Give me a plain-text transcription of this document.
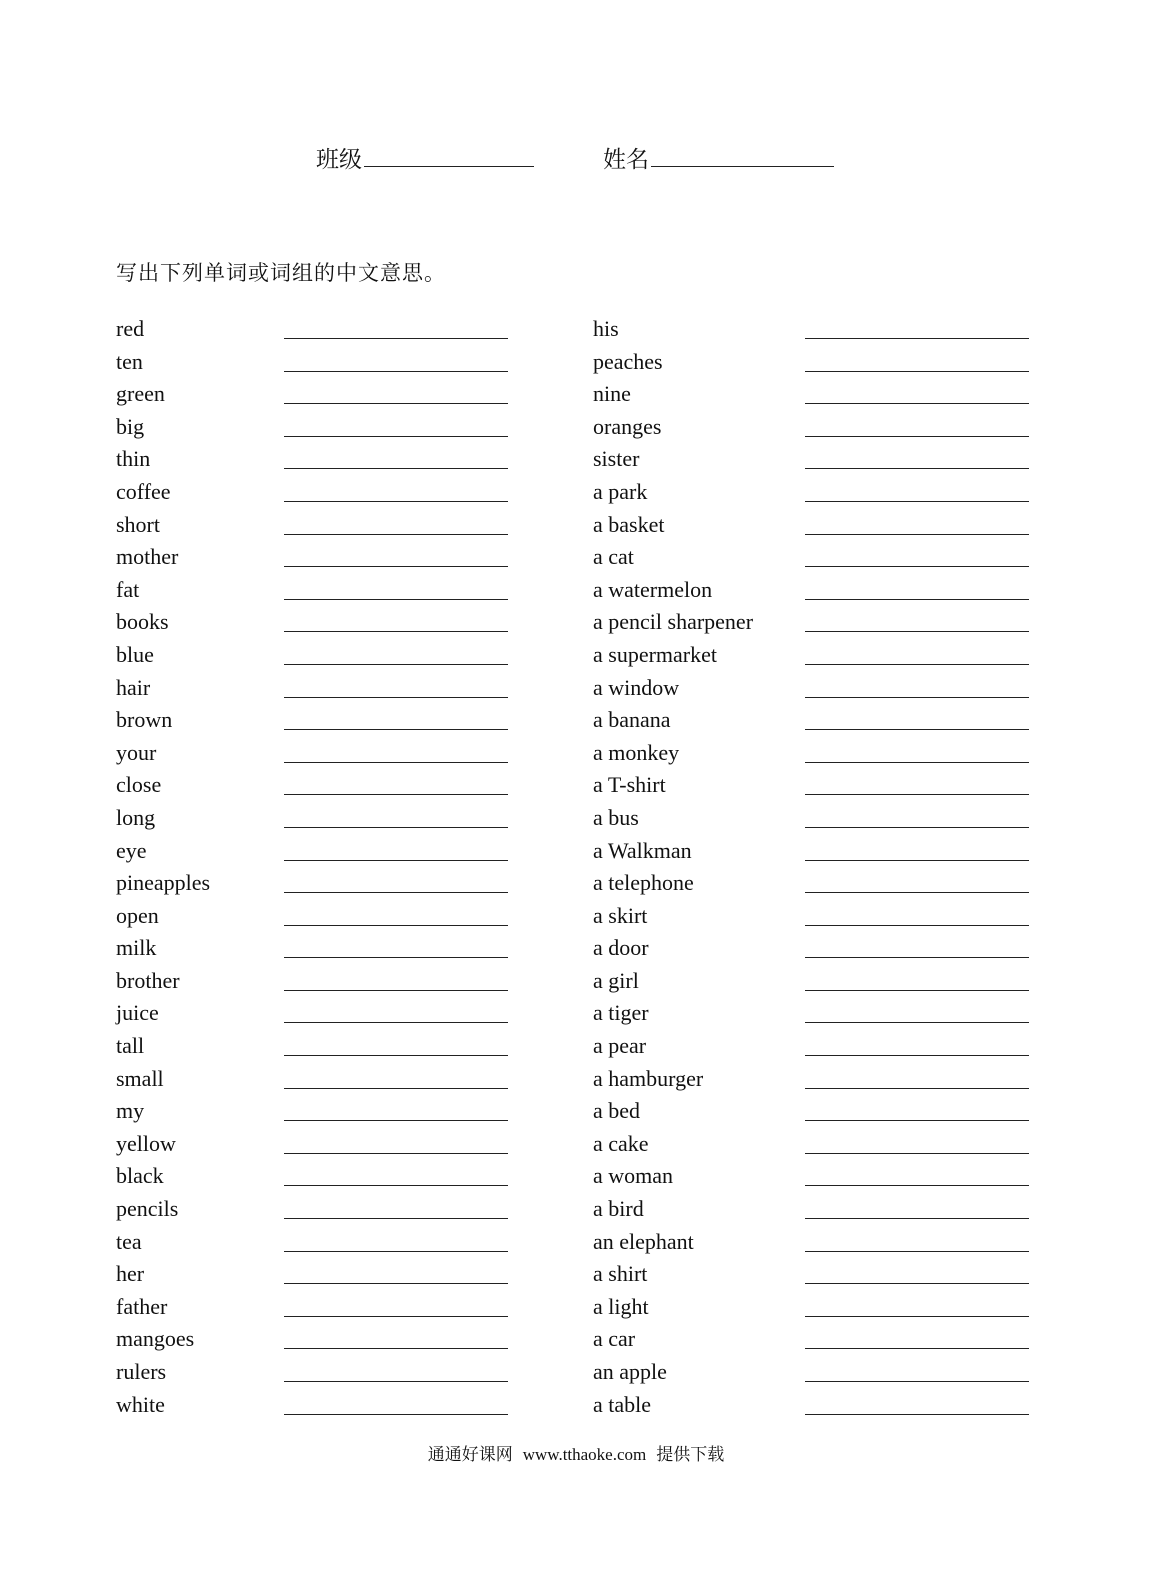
班级	姓名
写出下列单词或词组的中文意思。
red
ten
green
big
thin
coffee
short
mother
fat
books
blue
hair
brown
your
close
long
eye
pineapples
open
milk
brother
juice
tall
small
my
yellow
black
pencils
tea
her
father
mangoes
rulers
white
his
peaches
nine
oranges
sister
a park
a basket
a cat
a watermelon
a pencil sharpener
a supermarket
a window
a banana
a monkey
a T-shirt
a bus
a Walkman
a telephone
a skirt
a door
a girl
a tiger
a pear
a hamburger
a bed
a cake
a woman
a bird
an elephant
a shirt
a light
a car
an apple
a table
通通好课网 www.tthaoke.com 提供下载
